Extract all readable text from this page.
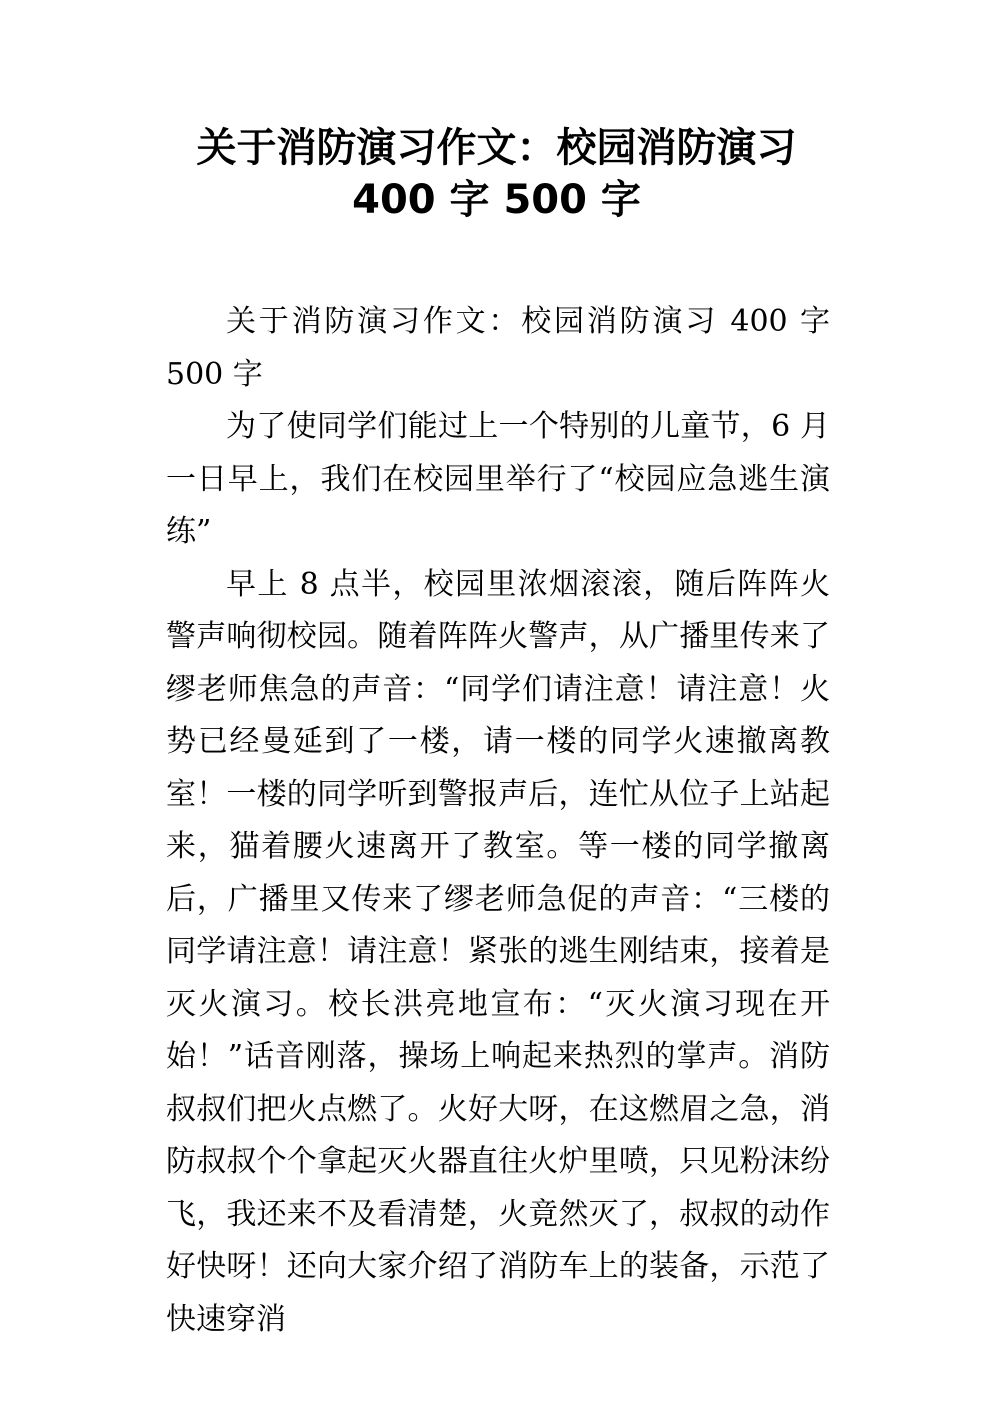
关于消防演习作文：校园消防演习
400 字 500 字

关于消防演习作文：校园消防演习 400 字 500 字

为了使同学们能过上一个特别的儿童节，6 月一日早上，我们在校园里举行了“校园应急逃生演练”

早上 8 点半，校园里浓烟滚滚，随后阵阵火警声响彻校园。随着阵阵火警声，从广播里传来了缪老师焦急的声音：“同学们请注意！请注意！火势已经曼延到了一楼，请一楼的同学火速撤离教室！一楼的同学听到警报声后，连忙从位子上站起来，猫着腰火速离开了教室。等一楼的同学撤离后，广播里又传来了缪老师急促的声音：“三楼的同学请注意！请注意！紧张的逃生刚结束，接着是灭火演习。校长洪亮地宣布：“灭火演习现在开始！”话音刚落，操场上响起来热烈的掌声。消防叔叔们把火点燃了。火好大呀，在这燃眉之急，消防叔叔个个拿起灭火器直往火炉里喷，只见粉沫纷飞，我还来不及看清楚，火竟然灭了，叔叔的动作好快呀！还向大家介绍了消防车上的装备，示范了快速穿消
